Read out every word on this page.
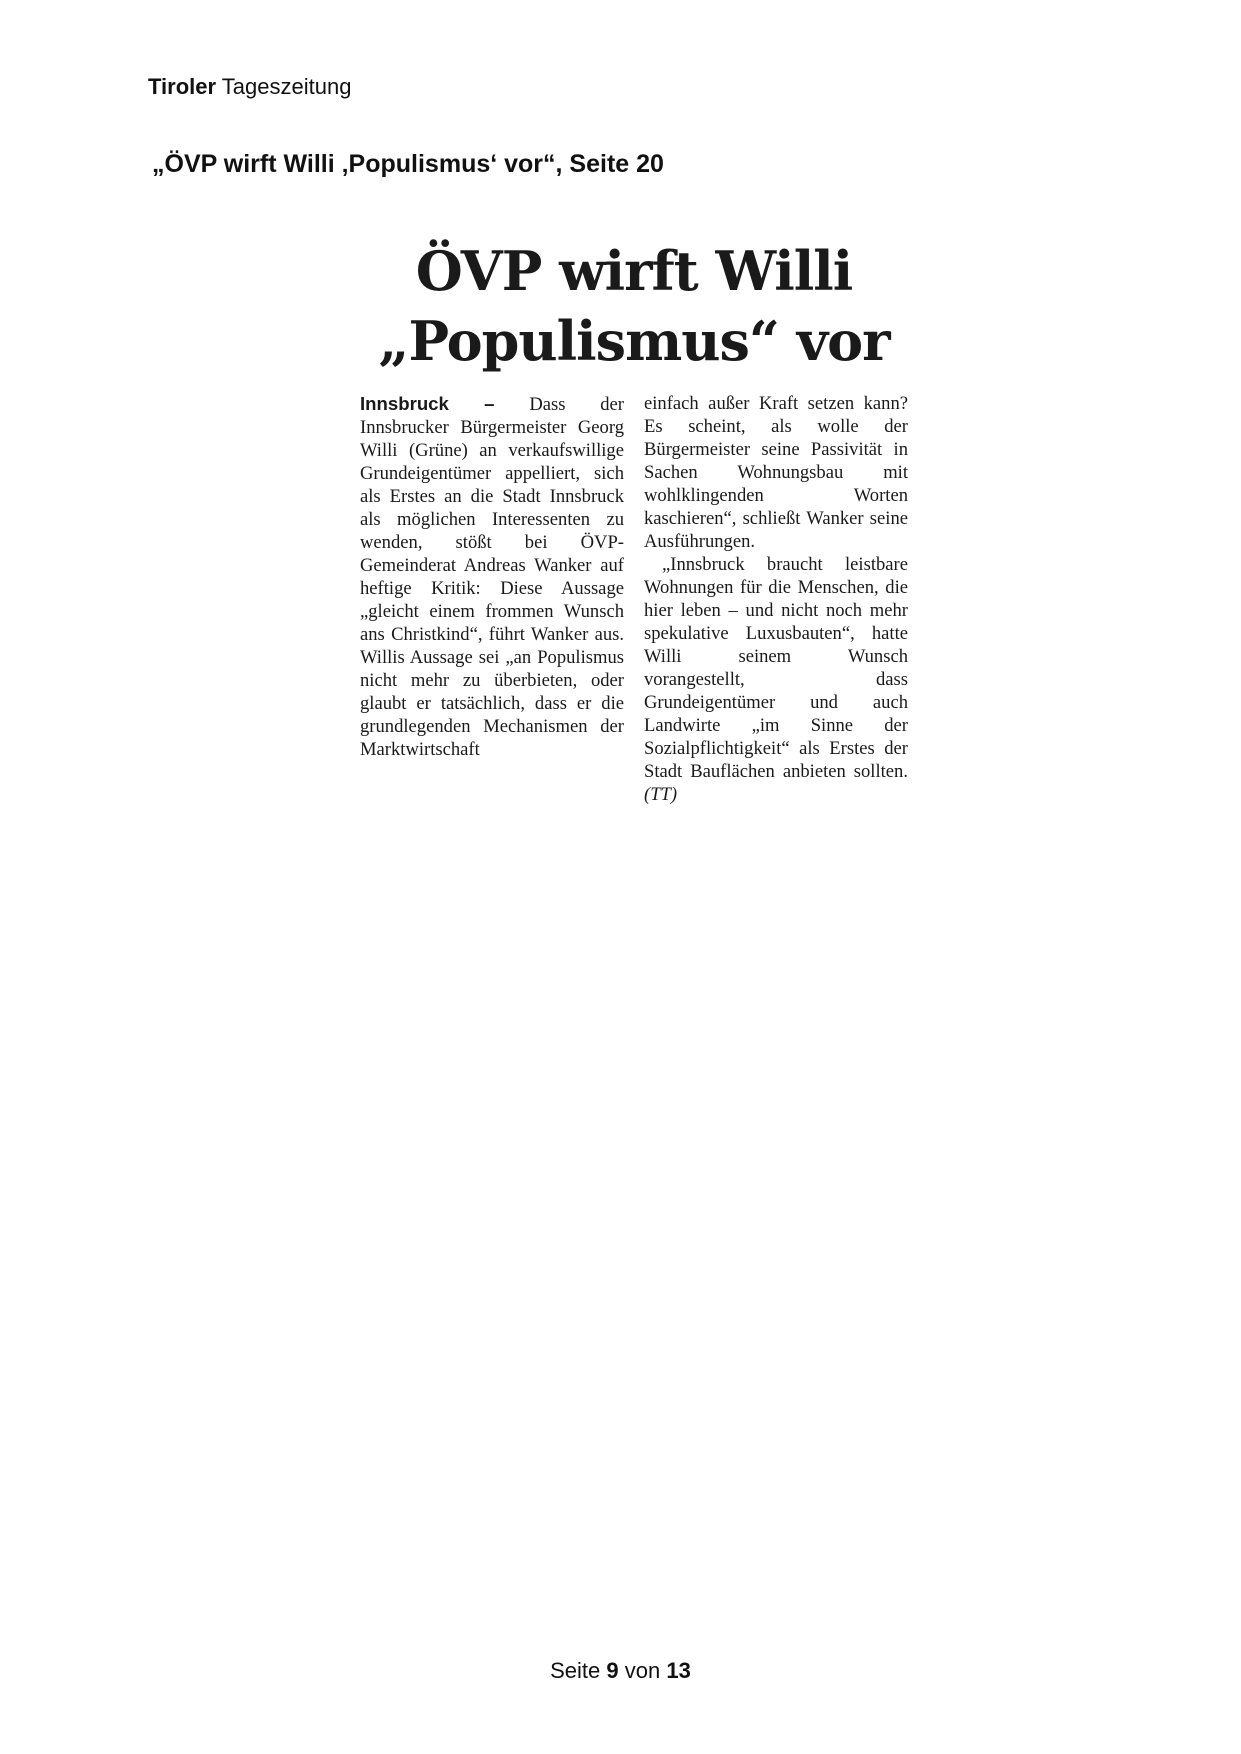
Tiroler Tageszeitung
„ÖVP wirft Willi ‚Populismus‘ vor“, Seite 20
ÖVP wirft Willi
„Populismus“ vor

Innsbruck – Dass der Innsbrucker Bürgermeister Georg Willi (Grüne) an verkaufswillige Grundeigentümer appelliert, sich als Erstes an die Stadt Innsbruck als möglichen Interessenten zu wenden, stößt bei ÖVP-Gemeinderat Andreas Wanker auf heftige Kritik: Diese Aussage „gleicht einem frommen Wunsch ans Christkind“, führt Wanker aus. Willis Aussage sei „an Populismus nicht mehr zu überbieten, oder glaubt er tatsächlich, dass er die grundlegenden Mechanismen der Marktwirtschaft

einfach außer Kraft setzen kann? Es scheint, als wolle der Bürgermeister seine Passivität in Sachen Wohnungsbau mit wohlklingenden Worten kaschieren“, schließt Wanker seine Ausführungen.

„Innsbruck braucht leistbare Wohnungen für die Menschen, die hier leben – und nicht noch mehr spekulative Luxusbauten“, hatte Willi seinem Wunsch vorangestellt, dass Grundeigentümer und auch Landwirte „im Sinne der Sozialpflichtigkeit“ als Erstes der Stadt Bauflächen anbieten sollten. (TT)

Seite 9 von 13
